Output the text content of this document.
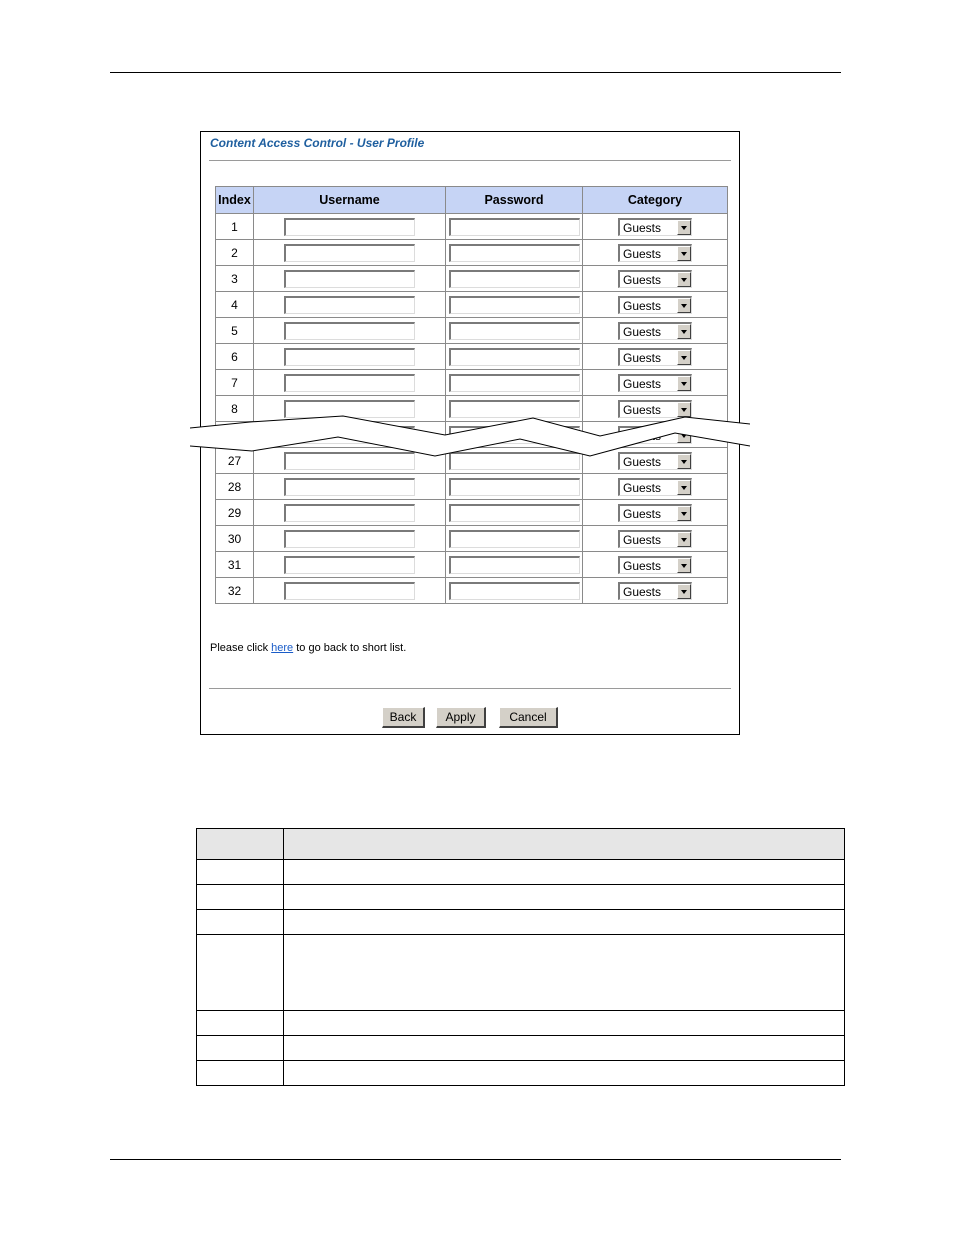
Content Access Control - User Profile
Index	Username	Password	Category
1			Guests

2			Guests

3			Guests

4			Guests

5			Guests

6			Guests

7			Guests

8			Guests

27			Guests

28			Guests

29			Guests

30			Guests

31			Guests

32			Guests
Please click here to go back to short list.
Back	Apply	Cancel
